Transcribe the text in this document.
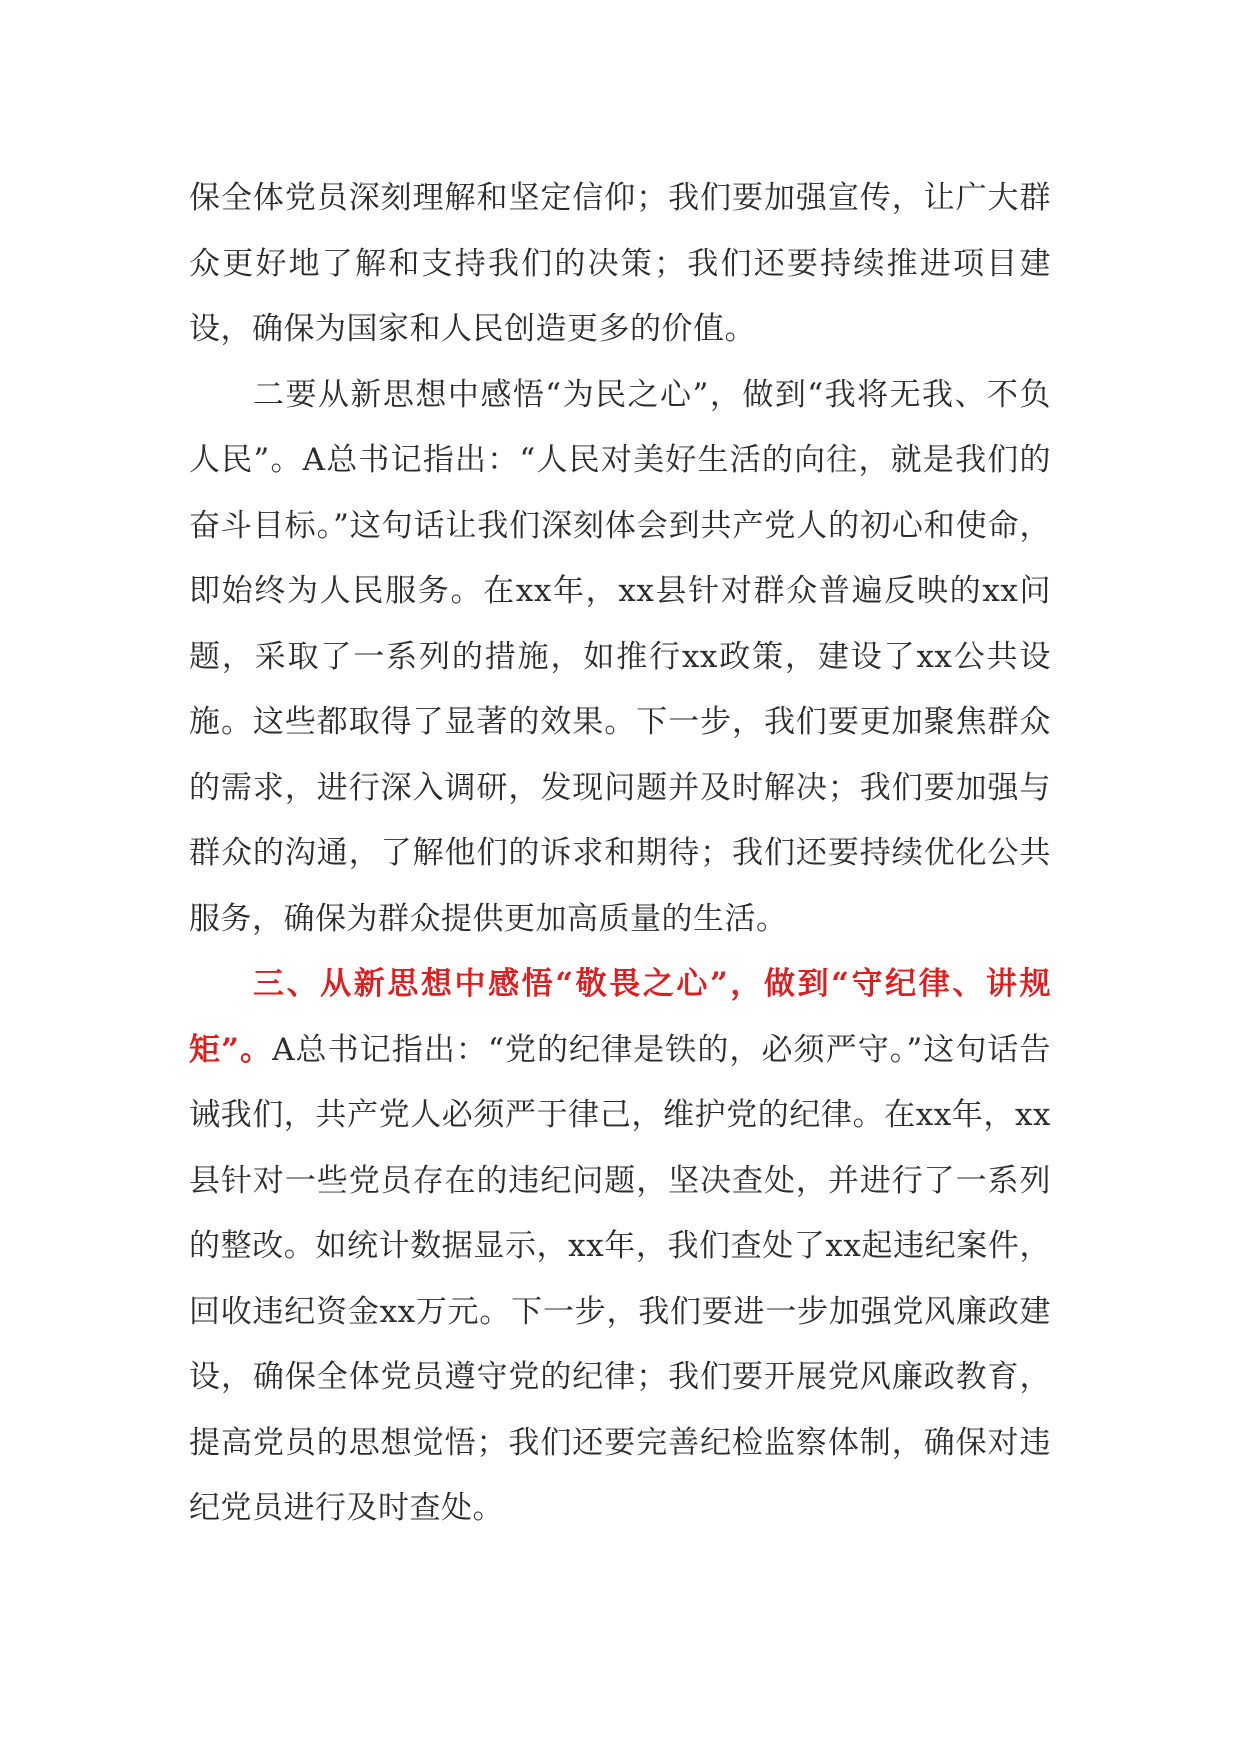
保全体党员深刻理解和坚定信仰；我们要加强宣传，让广大群众更好地了解和支持我们的决策；我们还要持续推进项目建设，确保为国家和人民创造更多的价值。

二要从新思想中感悟“为民之心”，做到“我将无我、不负人民”。A总书记指出：“人民对美好生活的向往，就是我们的奋斗目标。”这句话让我们深刻体会到共产党人的初心和使命，即始终为人民服务。在xx年，xx县针对群众普遍反映的xx问题，采取了一系列的措施，如推行xx政策，建设了xx公共设施。这些都取得了显著的效果。下一步，我们要更加聚焦群众的需求，进行深入调研，发现问题并及时解决；我们要加强与群众的沟通，了解他们的诉求和期待；我们还要持续优化公共服务，确保为群众提供更加高质量的生活。

三、从新思想中感悟“敬畏之心”，做到“守纪律、讲规矩”。A总书记指出：“党的纪律是铁的，必须严守。”这句话告诫我们，共产党人必须严于律己，维护党的纪律。在xx年，xx县针对一些党员存在的违纪问题，坚决查处，并进行了一系列的整改。如统计数据显示，xx年，我们查处了xx起违纪案件，回收违纪资金xx万元。下一步，我们要进一步加强党风廉政建设，确保全体党员遵守党的纪律；我们要开展党风廉政教育，提高党员的思想觉悟；我们还要完善纪检监察体制，确保对违纪党员进行及时查处。
